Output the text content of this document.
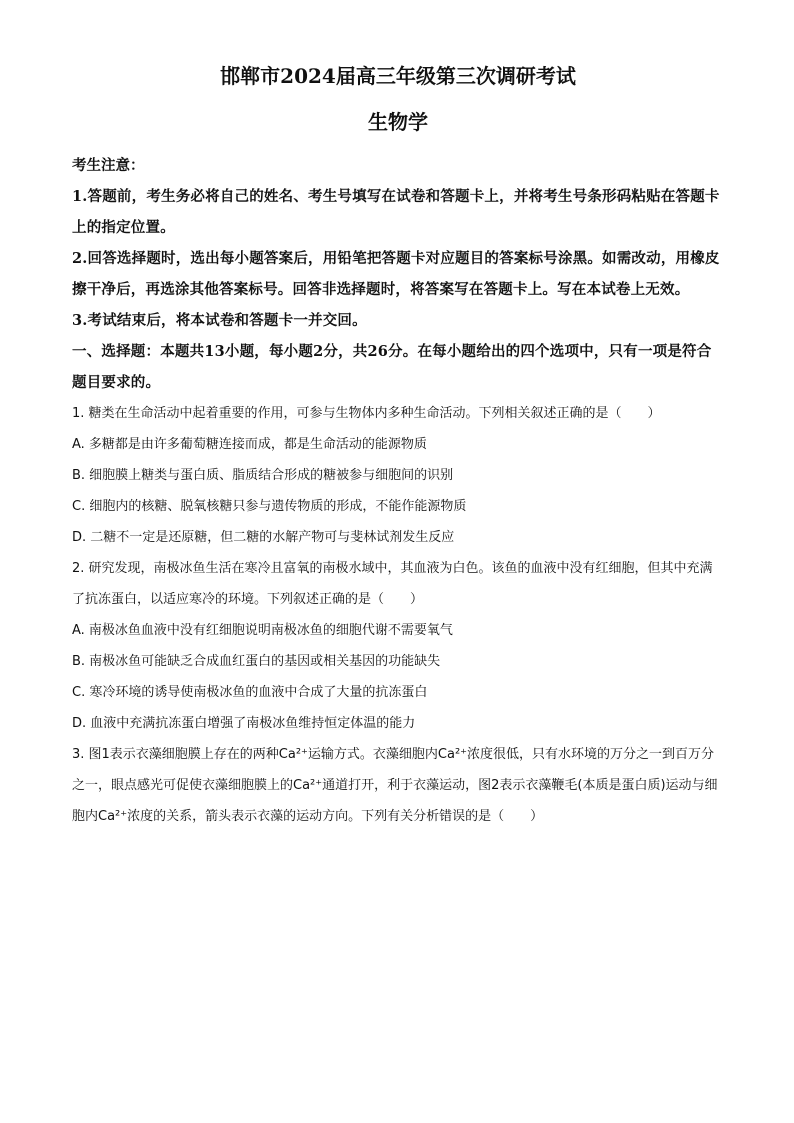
邯郸市2024届高三年级第三次调研考试
生物学
考生注意：

1.答题前，考生务必将自己的姓名、考生号填写在试卷和答题卡上，并将考生号条形码粘贴在答题卡上的指定位置。

2.回答选择题时，选出每小题答案后，用铅笔把答题卡对应题目的答案标号涂黑。如需改动，用橡皮擦干净后，再选涂其他答案标号。回答非选择题时，将答案写在答题卡上。写在本试卷上无效。

3.考试结束后，将本试卷和答题卡一并交回。

一、选择题：本题共13小题，每小题2分，共26分。在每小题给出的四个选项中，只有一项是符合题目要求的。

1. 糖类在生命活动中起着重要的作用，可参与生物体内多种生命活动。下列相关叙述正确的是（　　）

A. 多糖都是由许多葡萄糖连接而成，都是生命活动的能源物质

B. 细胞膜上糖类与蛋白质、脂质结合形成的糖被参与细胞间的识别

C. 细胞内的核糖、脱氧核糖只参与遗传物质的形成，不能作能源物质

D. 二糖不一定是还原糖，但二糖的水解产物可与斐林试剂发生反应

2. 研究发现，南极冰鱼生活在寒冷且富氧的南极水域中，其血液为白色。该鱼的血液中没有红细胞，但其中充满了抗冻蛋白，以适应寒冷的环境。下列叙述正确的是（　　）

A. 南极冰鱼血液中没有红细胞说明南极冰鱼的细胞代谢不需要氧气

B. 南极冰鱼可能缺乏合成血红蛋白的基因或相关基因的功能缺失

C. 寒冷环境的诱导使南极冰鱼的血液中合成了大量的抗冻蛋白

D. 血液中充满抗冻蛋白增强了南极冰鱼维持恒定体温的能力

3. 图1表示衣藻细胞膜上存在的两种Ca²⁺运输方式。衣藻细胞内Ca²⁺浓度很低，只有水环境的万分之一到百万分之一，眼点感光可促使衣藻细胞膜上的Ca²⁺通道打开，利于衣藻运动，图2表示衣藻鞭毛(本质是蛋白质)运动与细胞内Ca²⁺浓度的关系，箭头表示衣藻的运动方向。下列有关分析错误的是（　　）
